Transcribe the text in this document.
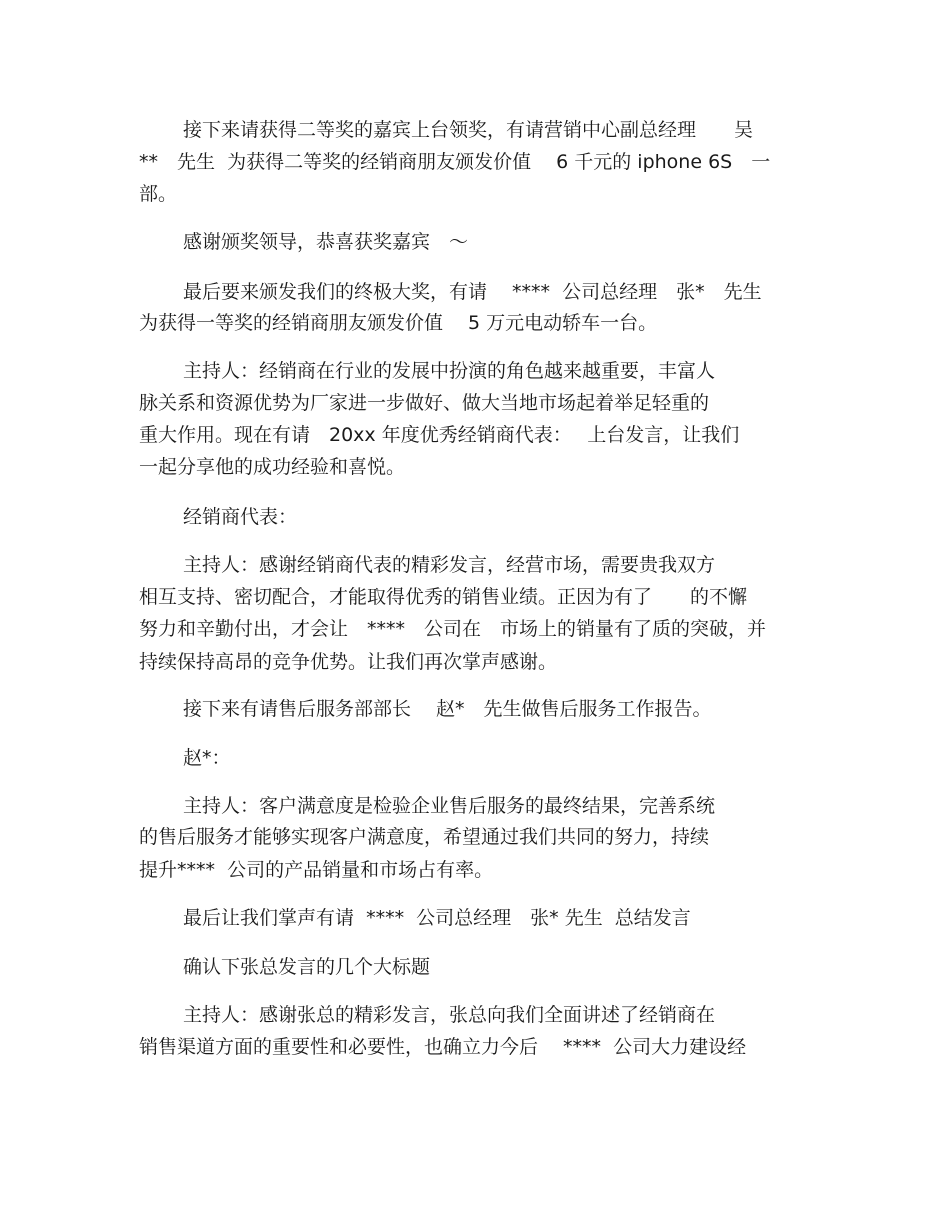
接下来请获得二等奖的嘉宾上台领奖，有请营销中心副总经理　　吴

**　先生  为获得二等奖的经销商朋友颁发价值　 6 千元的 iphone 6S　一

部。

感谢颁奖领导，恭喜获奖嘉宾　～

最后要来颁发我们的终极大奖，有请　 ****  公司总经理　张*　先生

为获得一等奖的经销商朋友颁发价值　 5 万元电动轿车一台。

主持人：经销商在行业的发展中扮演的角色越来越重要，丰富人

脉关系和资源优势为厂家进一步做好、做大当地市场起着举足轻重的

重大作用。现在有请　20xx 年度优秀经销商代表：　 上台发言，让我们

一起分享他的成功经验和喜悦。

经销商代表：

主持人：感谢经销商代表的精彩发言，经营市场，需要贵我双方

相互支持、密切配合，才能取得优秀的销售业绩。正因为有了　　的不懈

努力和辛勤付出，才会让　****　公司在　市场上的销量有了质的突破，并

持续保持高昂的竞争优势。让我们再次掌声感谢。

接下来有请售后服务部部长　 赵*　先生做售后服务工作报告。

赵*：

主持人：客户满意度是检验企业售后服务的最终结果，完善系统

的售后服务才能够实现客户满意度，希望通过我们共同的努力，持续

提升****  公司的产品销量和市场占有率。

最后让我们掌声有请  ****  公司总经理　张* 先生  总结发言

确认下张总发言的几个大标题

主持人：感谢张总的精彩发言，张总向我们全面讲述了经销商在

销售渠道方面的重要性和必要性，也确立力今后　 ****  公司大力建设经
